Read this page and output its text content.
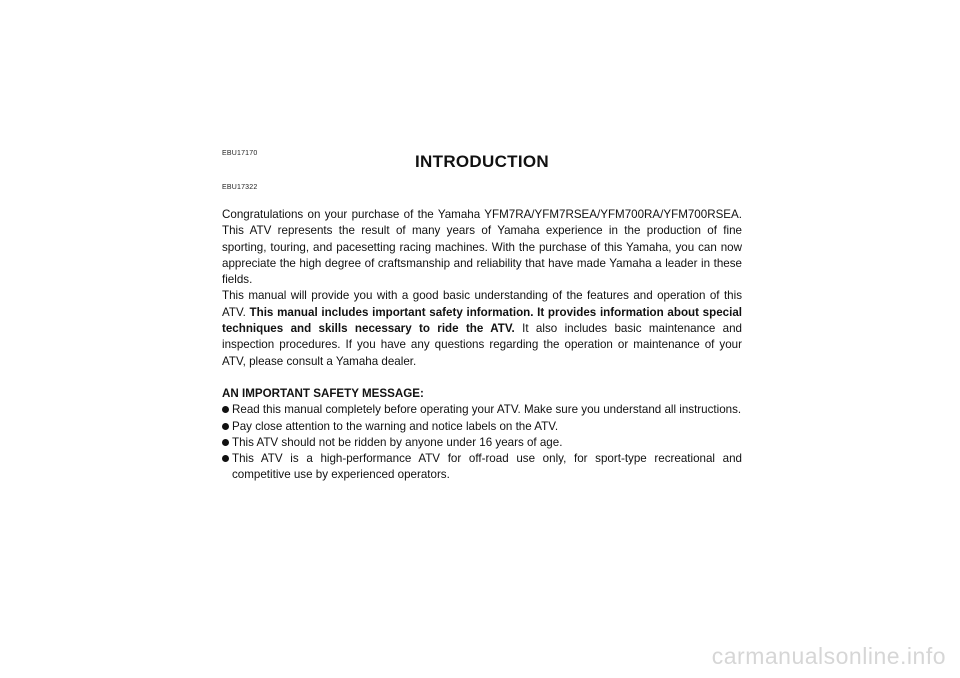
EBU17170	INTRODUCTION
EBU17322

Congratulations on your purchase of the Yamaha YFM7RA/YFM7RSEA/YFM700RA/YFM700RSEA. This ATV represents the result of many years of Yamaha experience in the production of fine sporting, touring, and pacesetting racing machines. With the purchase of this Yamaha, you can now appreciate the high degree of craftsmanship and reliability that have made Yamaha a leader in these fields.

This manual will provide you with a good basic understanding of the features and operation of this ATV. This manual includes important safety information. It provides information about special techniques and skills necessary to ride the ATV. It also includes basic maintenance and inspection procedures. If you have any questions regarding the operation or maintenance of your ATV, please consult a Yamaha dealer.

AN IMPORTANT SAFETY MESSAGE:

Read this manual completely before operating your ATV. Make sure you understand all instructions.
Pay close attention to the warning and notice labels on the ATV.
This ATV should not be ridden by anyone under 16 years of age.
This ATV is a high-performance ATV for off-road use only, for sport-type recreational and competitive use by experienced operators.
carmanualsonline.info
